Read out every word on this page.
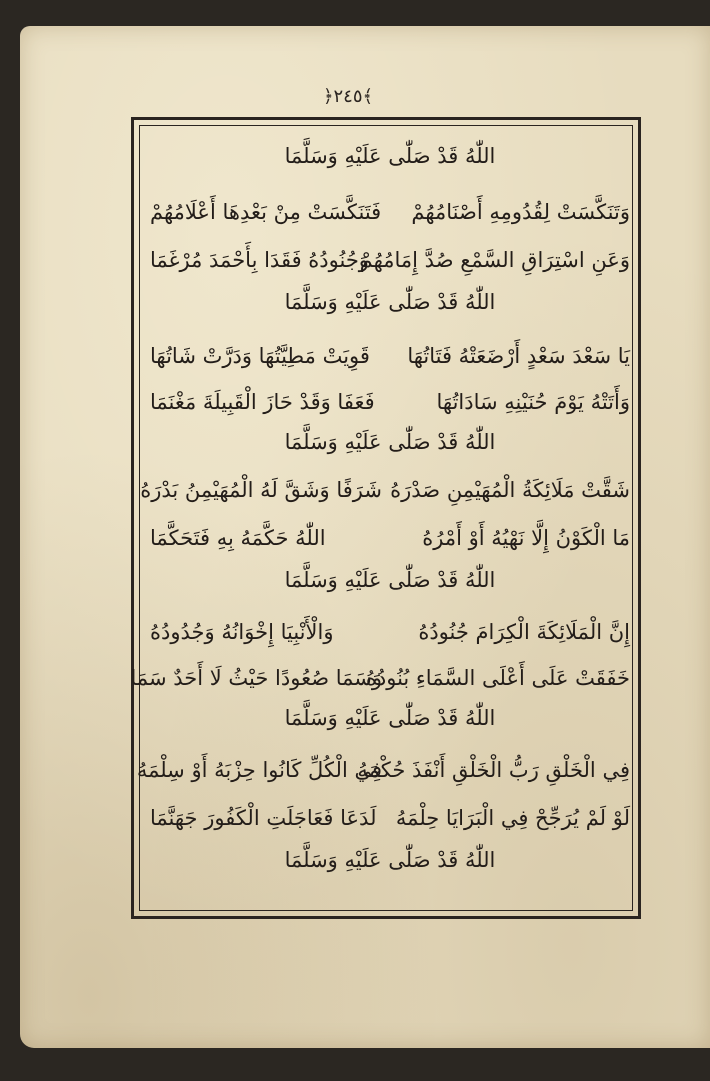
﴿٢٤٥﴾
اللّٰهُ قَدْ صَلّٰى عَلَيْهِ وَسَلَّمَا
وَتَنَكَّسَتْ لِقُدُومِهِ أَصْنَامُهُمْ
فَتَنَكَّسَتْ مِنْ بَعْدِهَا أَعْلَامُهُمْ
وَعَنِ اسْتِرَاقِ السَّمْعِ صُدَّ إِمَامُهُمْ
وَجُنُودُهُ فَقَدَا بِأَحْمَدَ مُرْغَمَا
اللّٰهُ قَدْ صَلّٰى عَلَيْهِ وَسَلَّمَا
يَا سَعْدَ سَعْدٍ أَرْضَعَتْهُ فَتَاتُهَا
قَوِيَتْ مَطِيَّتُهَا وَدَرَّتْ شَاتُهَا
وَأَتَتْهُ يَوْمَ حُنَيْنِهِ سَادَاتُهَا
فَعَفَا وَقَدْ حَازَ الْقَبِيلَةَ مَغْنَمَا
اللّٰهُ قَدْ صَلّٰى عَلَيْهِ وَسَلَّمَا
شَقَّتْ مَلَائِكَةُ الْمُهَيْمِنِ صَدْرَهُ
شَرَفًا وَشَقَّ لَهُ الْمُهَيْمِنُ بَدْرَهُ
مَا الْكَوْنُ إِلَّا نَهْيُهُ أَوْ أَمْرُهُ
اللّٰهُ حَكَّمَهُ بِهِ فَتَحَكَّمَا
اللّٰهُ قَدْ صَلّٰى عَلَيْهِ وَسَلَّمَا
إِنَّ الْمَلَائِكَةَ الْكِرَامَ جُنُودُهُ
وَالْأَنْبِيَا إِخْوَانُهُ وَجُدُودُهُ
خَفَقَتْ عَلَى أَعْلَى السَّمَاءِ بُنُودُهُ
وَسَمَا صُعُودًا حَيْثُ لَا أَحَدٌ سَمَا
اللّٰهُ قَدْ صَلّٰى عَلَيْهِ وَسَلَّمَا
فِي الْخَلْقِ رَبُّ الْخَلْقِ أَنْفَذَ حُكْمَهُ
فِي الْكُلِّ كَانُوا حِزْبَهُ أَوْ سِلْمَهُ
لَوْ لَمْ يُرَجِّحْ فِي الْبَرَايَا حِلْمَهُ
لَدَعَا فَعَاجَلَتِ الْكَفُورَ جَهَنَّمَا
اللّٰهُ قَدْ صَلّٰى عَلَيْهِ وَسَلَّمَا
